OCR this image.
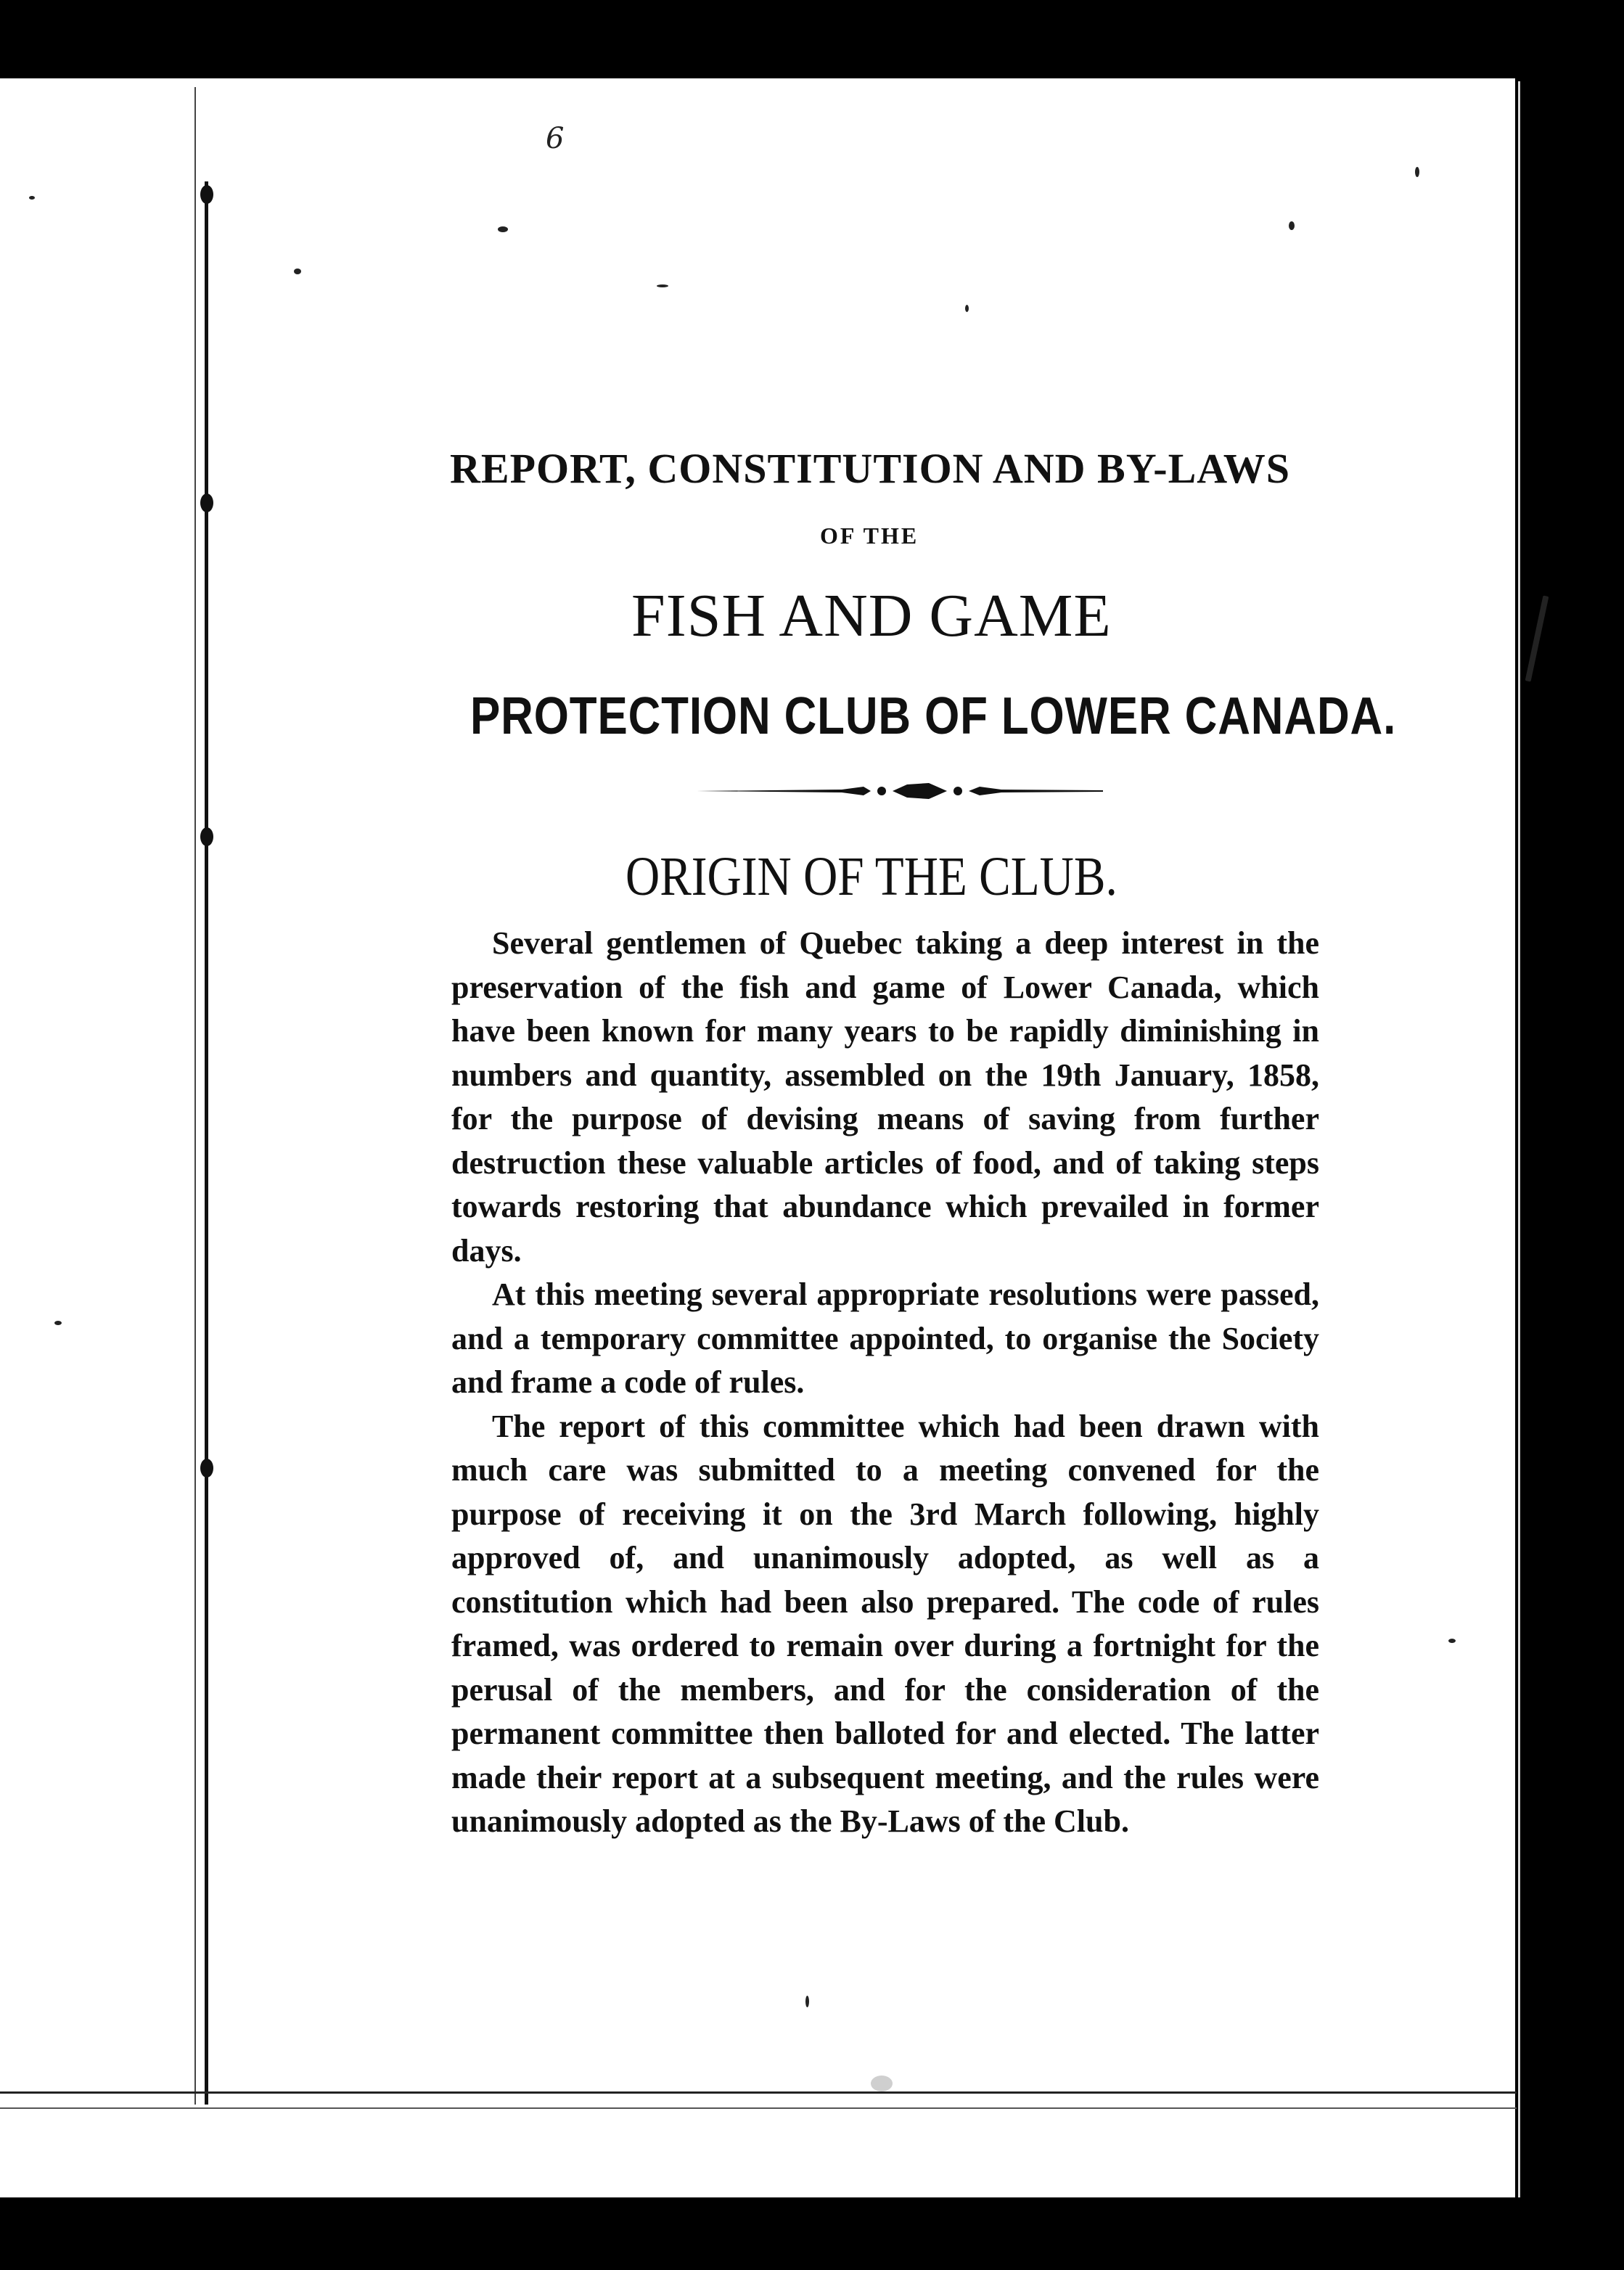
6
REPORT, CONSTITUTION AND BY-LAWS
OF THE
FISH AND GAME
PROTECTION CLUB OF LOWER CANADA.
ORIGIN OF THE CLUB.

Several gentlemen of Quebec taking a deep interest in the preservation of the fish and game of Lower Canada, which have been known for many years to be rapidly diminishing in numbers and quantity, assembled on the 19th January, 1858, for the purpose of devising means of saving from further destruction these valuable articles of food, and of taking steps towards restoring that abundance which prevailed in former days.

At this meeting several appropriate resolutions were passed, and a temporary committee appointed, to organise the Society and frame a code of rules.

The report of this committee which had been drawn with much care was submitted to a meeting convened for the purpose of receiving it on the 3rd March following, highly approved of, and unanimously adopted, as well as a constitution which had been also prepared. The code of rules framed, was ordered to remain over during a fortnight for the perusal of the members, and for the consideration of the permanent committee then balloted for and elected. The latter made their report at a subsequent meeting, and the rules were unanimously adopted as the By-Laws of the Club.
